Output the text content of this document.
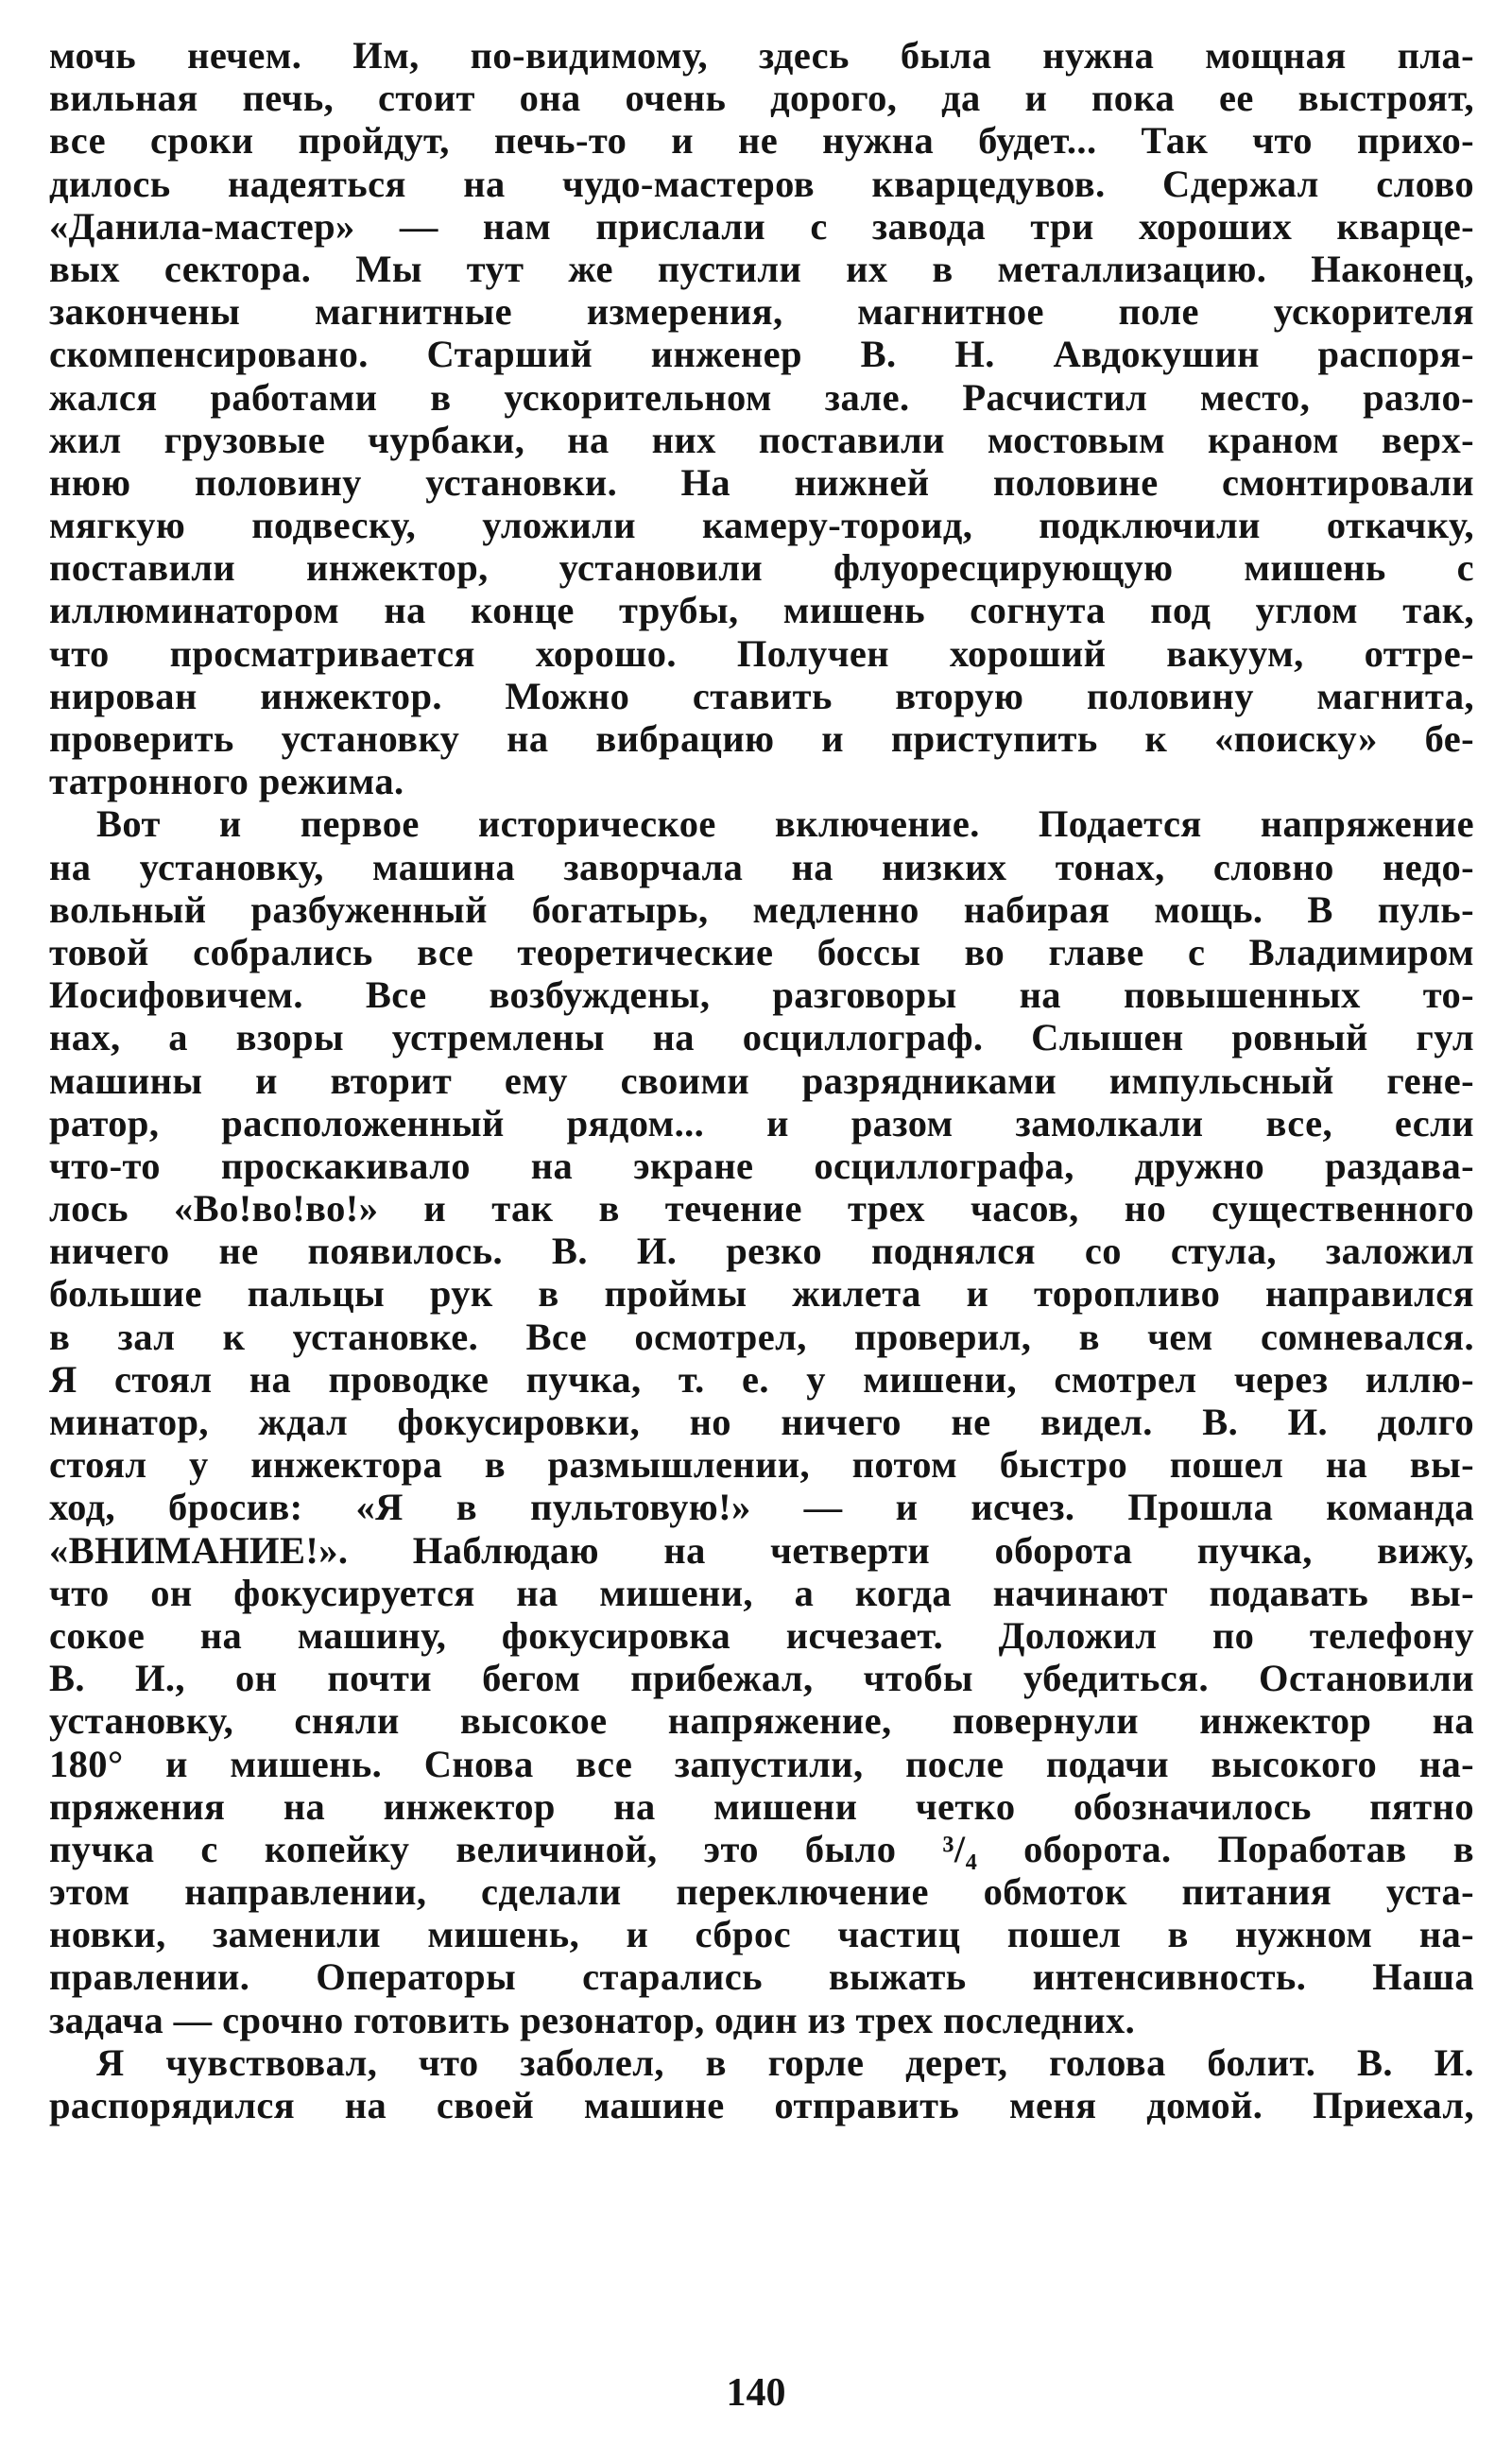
мочь нечем. Им, по-видимому, здесь была нужна мощная пла-
вильная печь, стоит она очень дорого, да и пока ее выстроят,
все сроки пройдут, печь-то и не нужна будет... Так что прихо-
дилось надеяться на чудо-мастеров кварцедувов. Сдержал слово
«Данила-мастер» — нам прислали с завода три хороших кварце-
вых сектора. Мы тут же пустили их в металлизацию. Наконец,
закончены магнитные измерения, магнитное поле ускорителя
скомпенсировано. Старший инженер В. Н. Авдокушин распоря-
жался работами в ускорительном зале. Расчистил место, разло-
жил грузовые чурбаки, на них поставили мостовым краном верх-
нюю половину установки. На нижней половине смонтировали
мягкую подвеску, уложили камеру-тороид, подключили откачку,
поставили инжектор, установили флуоресцирующую мишень с
иллюминатором на конце трубы, мишень согнута под углом так,
что просматривается хорошо. Получен хороший вакуум, оттре-
нирован инжектор. Можно ставить вторую половину магнита,
проверить установку на вибрацию и приступить к «поиску» бе-
татронного режима.
Вот и первое историческое включение. Подается напряжение
на установку, машина заворчала на низких тонах, словно недо-
вольный разбуженный богатырь, медленно набирая мощь. В пуль-
товой собрались все теоретические боссы во главе с Владимиром
Иосифовичем. Все возбуждены, разговоры на повышенных то-
нах, а взоры устремлены на осциллограф. Слышен ровный гул
машины и вторит ему своими разрядниками импульсный гене-
ратор, расположенный рядом... и разом замолкали все, если
что-то проскакивало на экране осциллографа, дружно раздава-
лось «Во!во!во!» и так в течение трех часов, но существенного
ничего не появилось. В. И. резко поднялся со стула, заложил
большие пальцы рук в проймы жилета и торопливо направился
в зал к установке. Все осмотрел, проверил, в чем сомневался.
Я стоял на проводке пучка, т. е. у мишени, смотрел через иллю-
минатор, ждал фокусировки, но ничего не видел. В. И. долго
стоял у инжектора в размышлении, потом быстро пошел на вы-
ход, бросив: «Я в пультовую!» — и исчез. Прошла команда
«ВНИМАНИЕ!». Наблюдаю на четверти оборота пучка, вижу,
что он фокусируется на мишени, а когда начинают подавать вы-
сокое на машину, фокусировка исчезает. Доложил по телефону
В. И., он почти бегом прибежал, чтобы убедиться. Остановили
установку, сняли высокое напряжение, повернули инжектор на
180° и мишень. Снова все запустили, после подачи высокого на-
пряжения на инжектор на мишени четко обозначилось пятно
пучка с копейку величиной, это было ³/₄ оборота. Поработав в
этом направлении, сделали переключение обмоток питания уста-
новки, заменили мишень, и сброс частиц пошел в нужном на-
правлении. Операторы старались выжать интенсивность. Наша
задача — срочно готовить резонатор, один из трех последних.
Я чувствовал, что заболел, в горле дерет, голова болит. В. И.
распорядился на своей машине отправить меня домой. Приехал,
140
